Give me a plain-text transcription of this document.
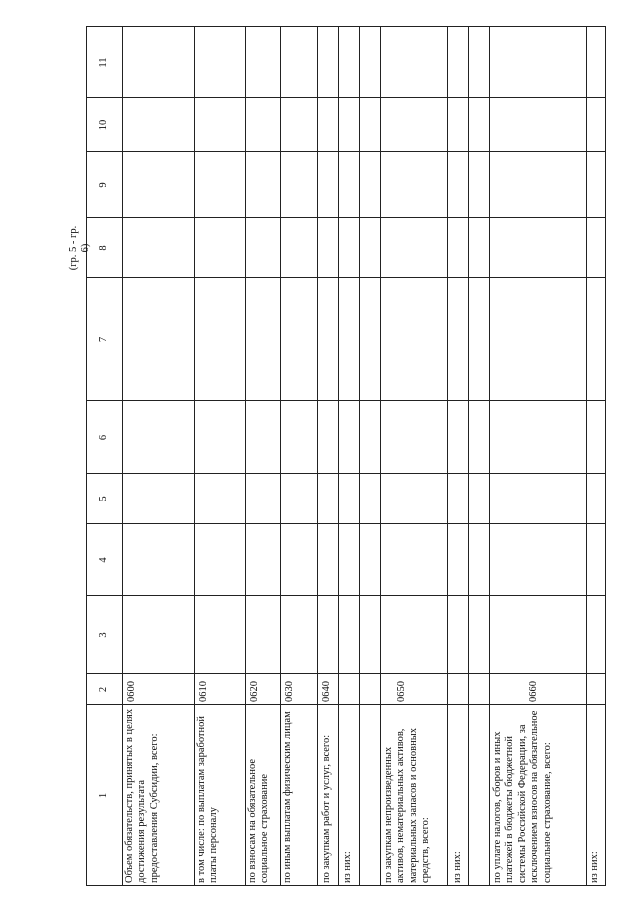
1
2
3
4
5
6
7
(гр. 5 - гр. 6) 8
9
10
11
Объем обязательств, принятых в целях достижения результата предоставления Субсидии, всего:
0600
в том числе: по выплатам заработной платы персоналу
0610
по взносам на обязательное социальное страхование
0620
по иным выплатам физическим лицам
0630
по закупкам работ и услуг, всего:
0640
из них:	по закупкам непроизведенных активов, нематериальных активов, материальных запасов и основных средств, всего:
0650
из них:	по уплате налогов, сборов и иных платежей в бюджеты бюджетной системы Российской Федерации, за исключением взносов на обязательное социальное страхование, всего:
0660
из них:
